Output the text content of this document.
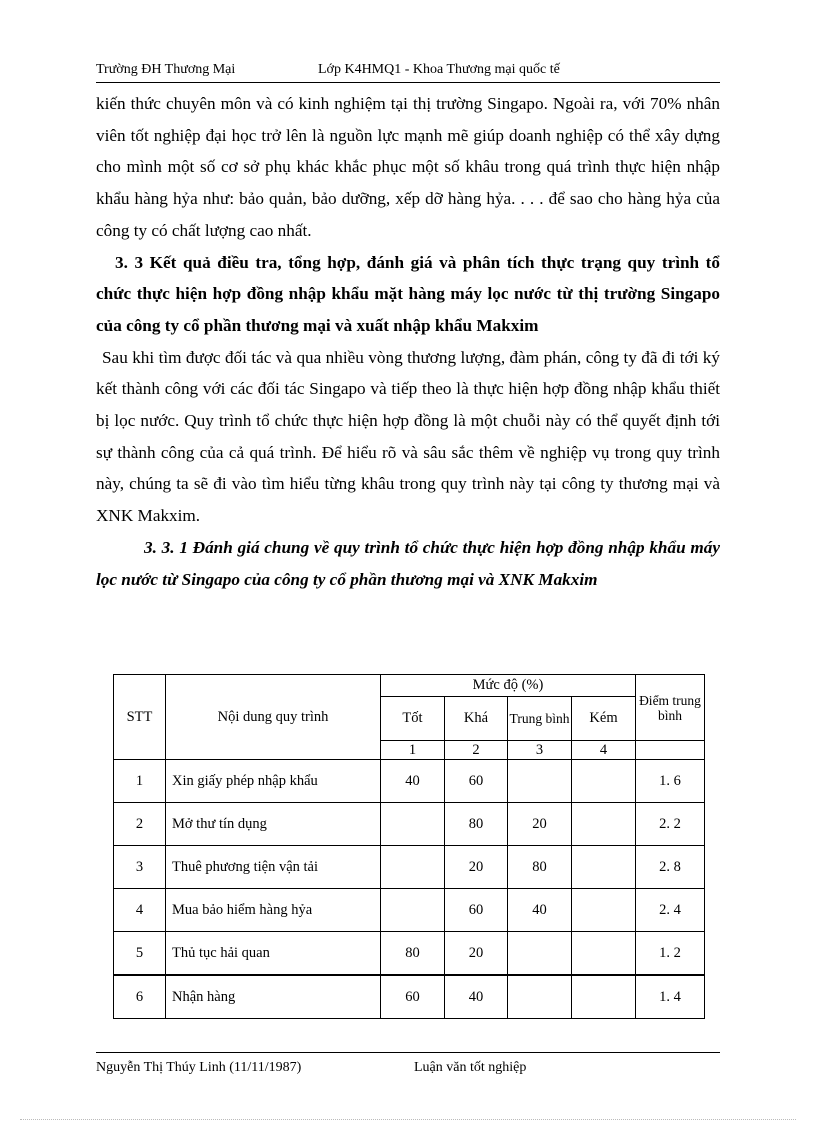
Trường ĐH Thương Mại	Lớp K4HMQ1 - Khoa Thương mại quốc tế

kiến thức chuyên môn và có kinh nghiệm tại thị trường Singapo. Ngoài ra, với 70% nhân viên tốt nghiệp đại học trở lên là nguồn lực mạnh mẽ giúp doanh nghiệp có thể xây dựng cho mình một số cơ sở phụ khác khắc phục một số khâu trong quá trình thực hiện nhập khẩu hàng hỷa như: bảo quản, bảo dưỡng, xếp dỡ hàng hỷa. . . . để sao cho hàng hỷa của công ty có chất lượng cao nhất.

3. 3 Kết quả điều tra, tổng hợp, đánh giá và phân tích thực trạng quy trình tổ chức thực hiện hợp đồng nhập khẩu mặt hàng máy lọc nước từ thị trường Singapo của công ty cổ phần thương mại và xuất nhập khẩu Makxim

Sau khi tìm được đối tác và qua nhiều vòng thương lượng, đàm phán, công ty đã đi tới ký kết thành công với các đối tác Singapo và tiếp theo là thực hiện hợp đồng nhập khẩu thiết bị lọc nước. Quy trình tổ chức thực hiện hợp đồng là một chuỗi này có thể quyết định tới sự thành công của cả quá trình. Để hiểu rõ và sâu sắc thêm về nghiệp vụ trong quy trình này, chúng ta sẽ đi vào tìm hiểu từng khâu trong quy trình này tại công ty thương mại và XNK Makxim.

3. 3. 1 Đánh giá chung về quy trình tổ chức thực hiện hợp đồng nhập khẩu máy lọc nước từ Singapo của công ty cổ phần thương mại và XNK Makxim

STT	Nội dung quy trình	Mức độ (%)				Điểm trung bình
		Tốt	Khá	Trung bình	Kém	
		1	2	3	4	
1	Xin giấy phép nhập khẩu	40	60			1. 6
2	Mở thư tín dụng		80	20		2. 2
3	Thuê phương tiện vận tải		20	80		2. 8
4	Mua bảo hiểm hàng hỷa		60	40		2. 4
5	Thủ tục hải quan	80	20			1. 2
6	Nhận hàng	60	40			1. 4
Nguyễn Thị Thúy Linh (11/11/1987)	Luận văn tốt nghiệp
